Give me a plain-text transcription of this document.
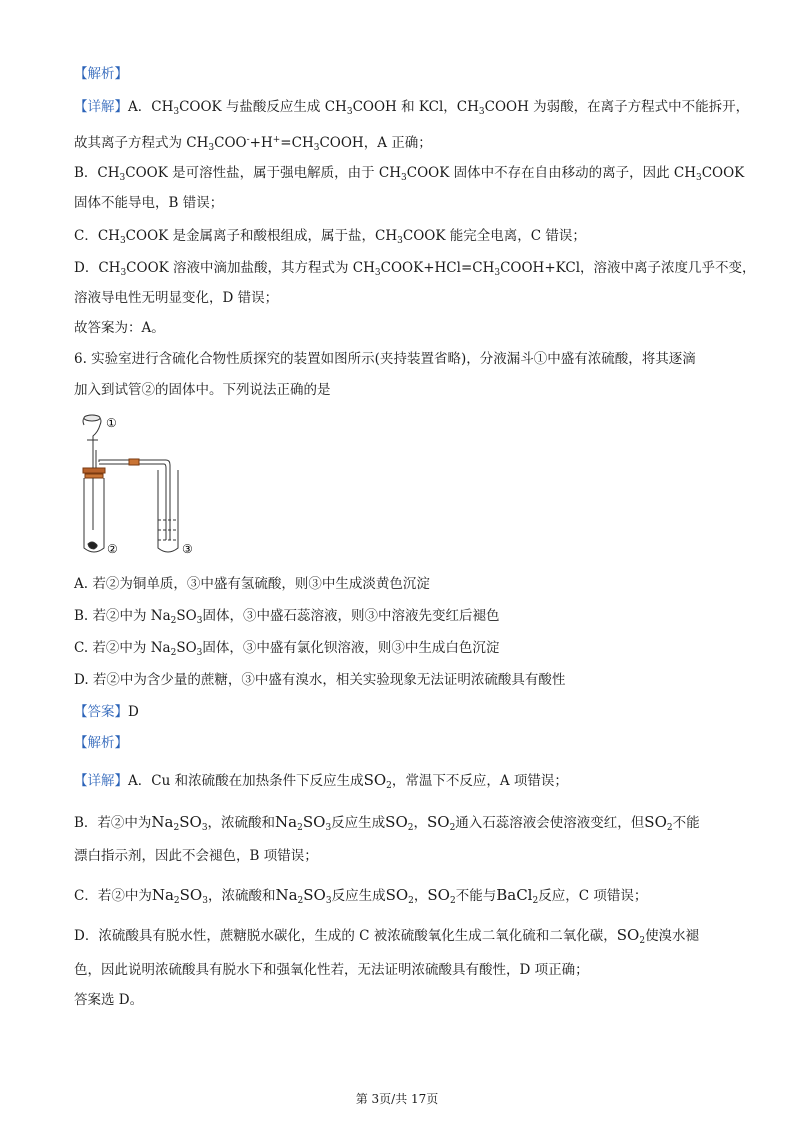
【解析】
【详解】A．$CH_3COOK$ 与盐酸反应生成 $CH_3COOH$ 和 KCl，$CH_3COOH$ 为弱酸，在离子方程式中不能拆开，
故其离子方程式为 $CH_3COO^-+H^+=CH_3COOH$，A 正确；
B．$CH_3COOK$ 是可溶性盐，属于强电解质，由于 $CH_3COOK$ 固体中不存在自由移动的离子，因此 $CH_3COOK$
固体不能导电，B 错误；
C．$CH_3COOK$ 是金属离子和酸根组成，属于盐，$CH_3COOK$ 能完全电离，C 错误；
D．$CH_3COOK$ 溶液中滴加盐酸，其方程式为 $CH_3COOK+HCl=CH_3COOH+KCl$，溶液中离子浓度几乎不变，
溶液导电性无明显变化，D 错误；
故答案为：A。
6. 实验室进行含硫化合物性质探究的装置如图所示(夹持装置省略)，分液漏斗①中盛有浓硫酸，将其逐滴
加入到试管②的固体中。下列说法正确的是
①
②	③
A. 若②为铜单质，③中盛有氢硫酸，则③中生成淡黄色沉淀
B. 若②中为 $Na_2SO_3$固体，③中盛石蕊溶液，则③中溶液先变红后褪色
C. 若②中为 $Na_2SO_3$固体，③中盛有氯化钡溶液，则③中生成白色沉淀
D. 若②中为含少量的蔗糖，③中盛有溴水，相关实验现象无法证明浓硫酸具有酸性
【答案】D
【解析】
【详解】A．Cu 和浓硫酸在加热条件下反应生成$SO_2$，常温下不反应，A 项错误；
B．若②中为$Na_2SO_3$，浓硫酸和$Na_2SO_3$反应生成$SO_2$，$SO_2$通入石蕊溶液会使溶液变红，但$SO_2$不能
漂白指示剂，因此不会褪色，B 项错误；
C．若②中为$Na_2SO_3$，浓硫酸和$Na_2SO_3$反应生成$SO_2$，$SO_2$不能与BaCl$_2$反应，C 项错误；
D．浓硫酸具有脱水性，蔗糖脱水碳化，生成的 C 被浓硫酸氧化生成二氧化硫和二氧化碳，$SO_2$使溴水褪
色，因此说明浓硫酸具有脱水下和强氧化性若，无法证明浓硫酸具有酸性，D 项正确；
答案选 D。
第 3页/共 17页
